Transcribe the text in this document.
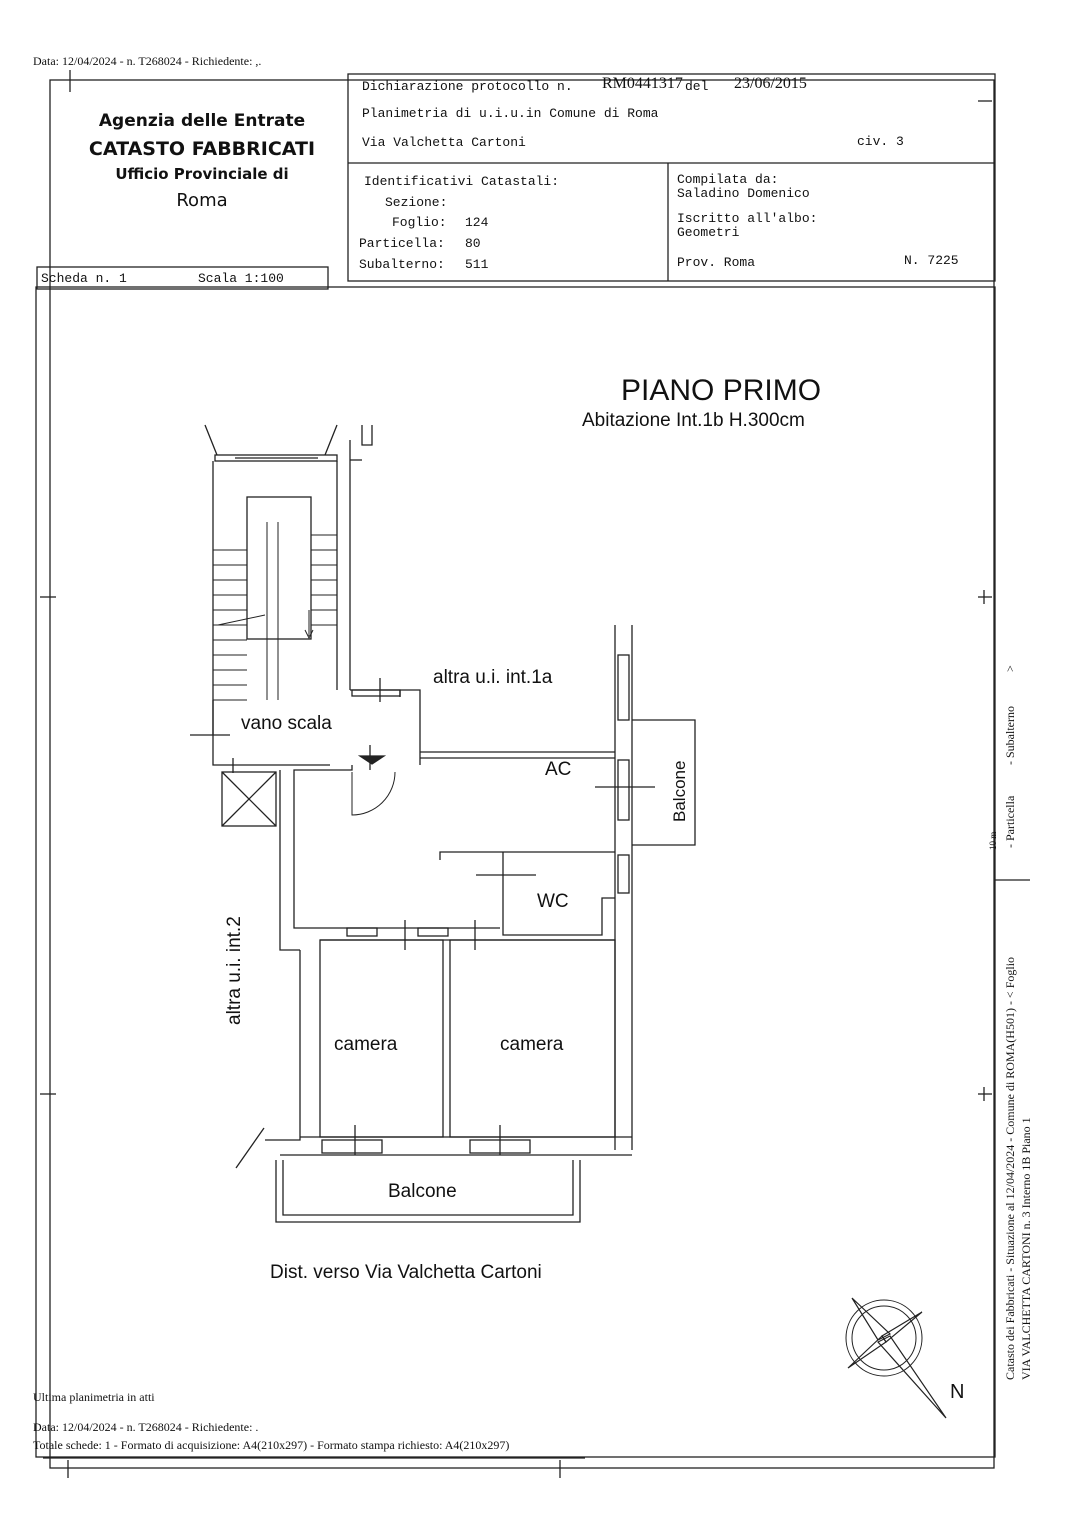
Data: 12/04/2024 - n. T268024 - Richiedente: ,.
Agenzia delle Entrate
CATASTO FABBRICATI
Ufficio Provinciale di
Roma
Dichiarazione protocollo n. RM0441317 del 23/06/2015
Planimetria di u.i.u.in Comune di Roma
Via Valchetta Cartoni	civ. 3
Identificativi Catastali:
Sezione:
Foglio: 124
Particella: 80
Subalterno: 511
Compilata da:
Saladino Domenico
Iscritto all'albo:
Geometri
Prov. Roma	N. 7225
Scheda n. 1	Scala 1:100
PIANO PRIMO
Abitazione Int.1b H.300cm
altra u.i. int.1a
vano scala
AC	Balcone
WC
altra u.i. int.2
camera	camera
Balcone
Dist. verso Via Valchetta Cartoni
N
Catasto dei Fabbricati - Situazione al 12/04/2024 - Comune di ROMA(H501) - < Foglio
- Particella
- Subalterno
>
VIA VALCHETTA CARTONI n. 3 Interno 1B Piano 1
10 m
Ultima planimetria in atti
Data: 12/04/2024 - n. T268024 - Richiedente: .
Totale schede: 1 - Formato di acquisizione: A4(210x297) - Formato stampa richiesto: A4(210x297)
